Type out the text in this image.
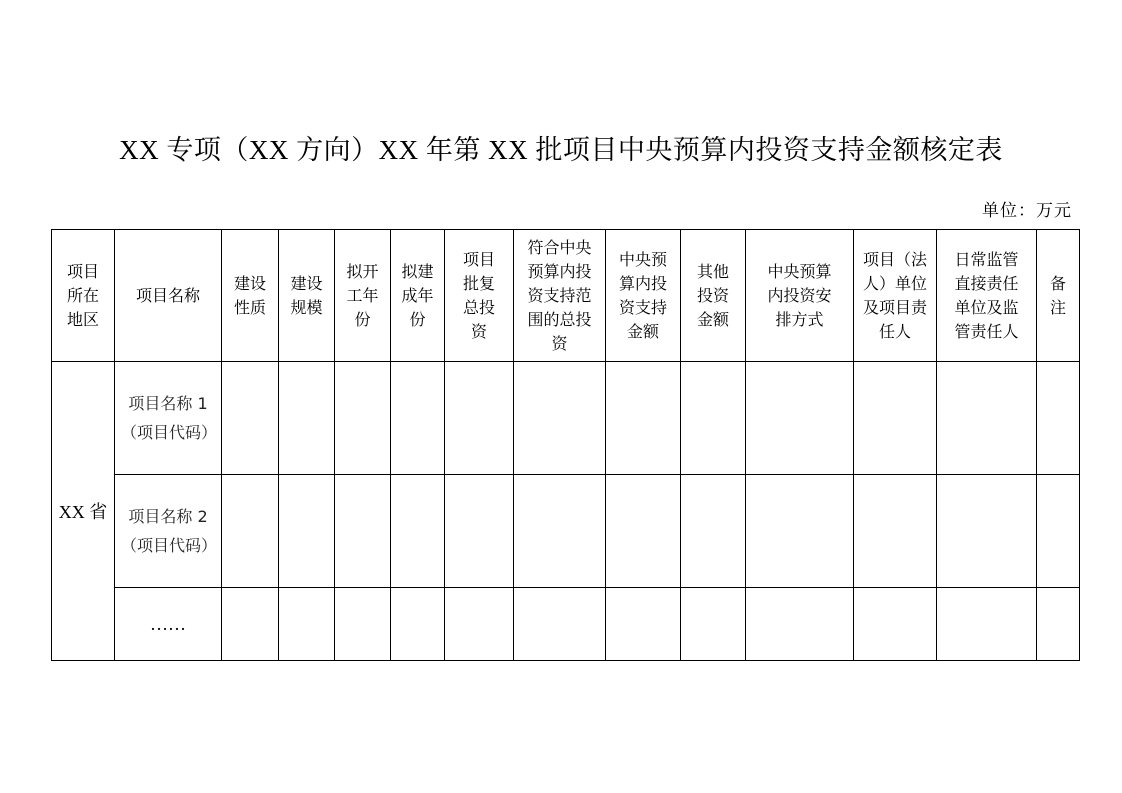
XX 专项（XX 方向）XX 年第 XX 批项目中央预算内投资支持金额核定表
单位：万元
项目所在地区	项目名称	建设性质	建设规模	拟开工年份	拟建成年份	项目批复总投资	符合中央预算内投资支持范围的总投资	中央预算内投资支持金额	其他投资金额	中央预算内投资安排方式	项目（法人）单位及项目责任人	日常监管直接责任单位及监管责任人	备注
XX 省	项目名称 1（项目代码）												
	项目名称 2（项目代码）												
	……												
